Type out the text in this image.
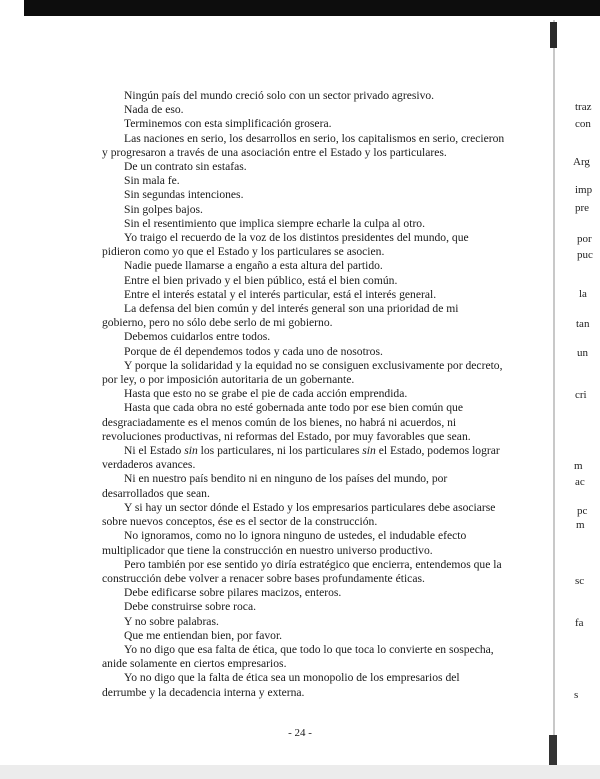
Ningún país del mundo creció solo con un sector privado agresivo.
Nada de eso.
Terminemos con esta simplificación grosera.
Las naciones en serio, los desarrollos en serio, los capitalismos en serio, crecieron
y progresaron a través de una asociación entre el Estado y los particulares.
De un contrato sin estafas.
Sin mala fe.
Sin segundas intenciones.
Sin golpes bajos.
Sin el resentimiento que implica siempre echarle la culpa al otro.
Yo traigo el recuerdo de la voz de los distintos presidentes del mundo, que
pidieron como yo que el Estado y los particulares se asocien.
Nadie puede llamarse a engaño a esta altura del partido.
Entre el bien privado y el bien público, está el bien común.
Entre el interés estatal y el interés particular, está el interés general.
La defensa del bien común y del interés general son una prioridad de mi
gobierno, pero no sólo debe serlo de mi gobierno.
Debemos cuidarlos entre todos.
Porque de él dependemos todos y cada uno de nosotros.
Y porque la solidaridad y la equidad no se consiguen exclusivamente por decreto,
por ley, o por imposición autoritaria de un gobernante.
Hasta que esto no se grabe el pie de cada acción emprendida.
Hasta que cada obra no esté gobernada ante todo por ese bien común que
desgraciadamente es el menos común de los bienes, no habrá ni acuerdos, ni
revoluciones productivas, ni reformas del Estado, por muy favorables que sean.
Ni el Estado sin los particulares, ni los particulares sin el Estado, podemos lograr
verdaderos avances.
Ni en nuestro país bendito ni en ninguno de los países del mundo, por
desarrollados que sean.
Y si hay un sector dónde el Estado y los empresarios particulares debe asociarse
sobre nuevos conceptos, ése es el sector de la construcción.
No ignoramos, como no lo ignora ninguno de ustedes, el indudable efecto
multiplicador que tiene la construcción en nuestro universo productivo.
Pero también por ese sentido yo diría estratégico que encierra, entendemos que la
construcción debe volver a renacer sobre bases profundamente éticas.
Debe edificarse sobre pilares macizos, enteros.
Debe construirse sobre roca.
Y no sobre palabras.
Que me entiendan bien, por favor.
Yo no digo que esa falta de ética, que todo lo que toca lo convierte en sospecha,
anide solamente en ciertos empresarios.
Yo no digo que la falta de ética sea un monopolio de los empresarios del
derrumbe y la decadencia interna y externa.
- 24 -
traz
con
Arg
imp
pre
por
puc
la
tan
un
cri
m
ac
pc
m
sc
fa
s
